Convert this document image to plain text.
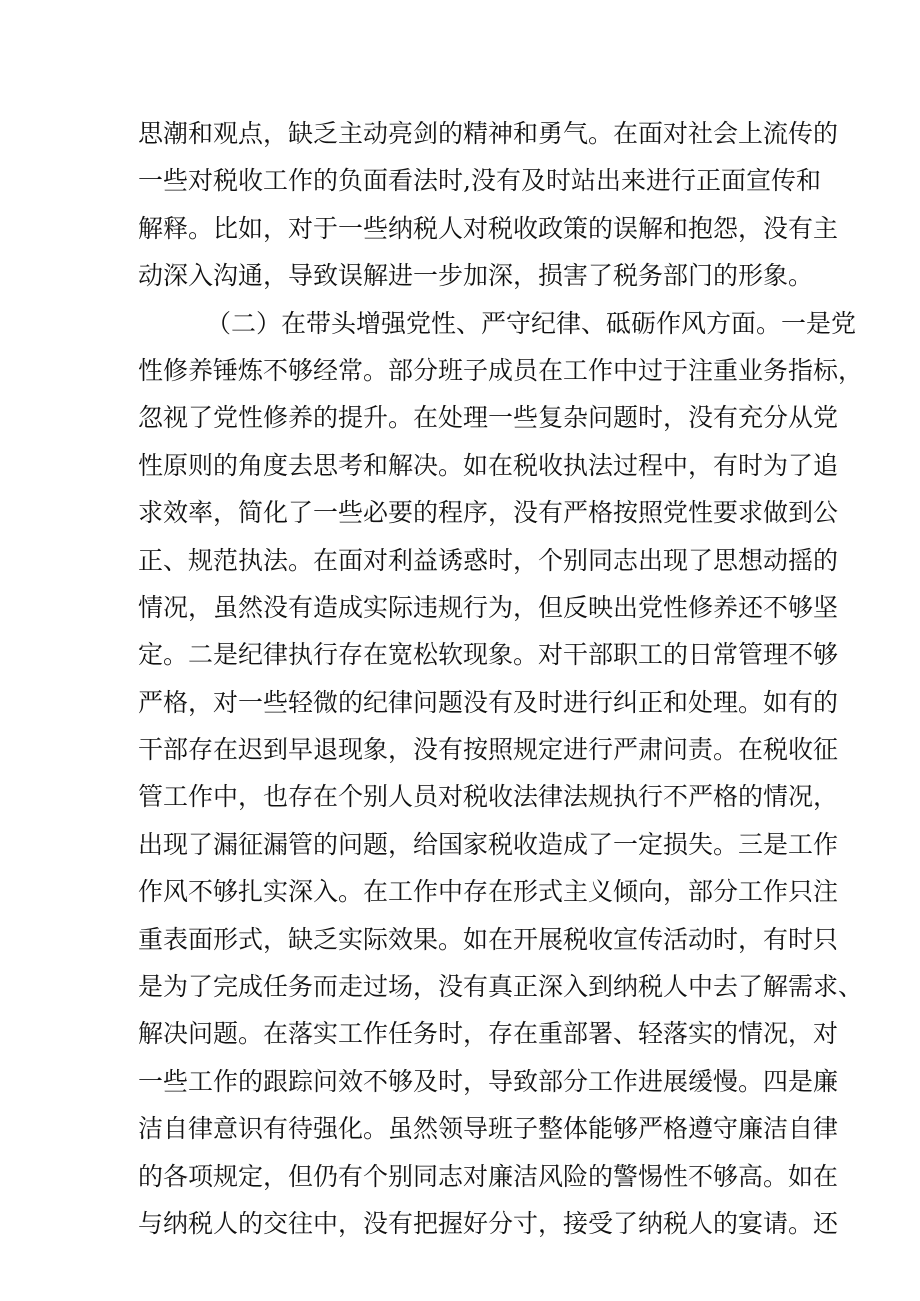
思潮和观点，缺乏主动亮剑的精神和勇气。在面对社会上流传的
一些对税收工作的负面看法时,没有及时站出来进行正面宣传和
解释。比如，对于一些纳税人对税收政策的误解和抱怨，没有主
动深入沟通，导致误解进一步加深，损害了税务部门的形象。
（二）在带头增强党性、严守纪律、砥砺作风方面。一是党
性修养锤炼不够经常。部分班子成员在工作中过于注重业务指标，
忽视了党性修养的提升。在处理一些复杂问题时，没有充分从党
性原则的角度去思考和解决。如在税收执法过程中，有时为了追
求效率，简化了一些必要的程序，没有严格按照党性要求做到公
正、规范执法。在面对利益诱惑时，个别同志出现了思想动摇的
情况，虽然没有造成实际违规行为，但反映出党性修养还不够坚
定。二是纪律执行存在宽松软现象。对干部职工的日常管理不够
严格，对一些轻微的纪律问题没有及时进行纠正和处理。如有的
干部存在迟到早退现象，没有按照规定进行严肃问责。在税收征
管工作中，也存在个别人员对税收法律法规执行不严格的情况，
出现了漏征漏管的问题，给国家税收造成了一定损失。三是工作
作风不够扎实深入。在工作中存在形式主义倾向，部分工作只注
重表面形式，缺乏实际效果。如在开展税收宣传活动时，有时只
是为了完成任务而走过场，没有真正深入到纳税人中去了解需求、
解决问题。在落实工作任务时，存在重部署、轻落实的情况，对
一些工作的跟踪问效不够及时，导致部分工作进展缓慢。四是廉
洁自律意识有待强化。虽然领导班子整体能够严格遵守廉洁自律
的各项规定，但仍有个别同志对廉洁风险的警惕性不够高。如在
与纳税人的交往中，没有把握好分寸，接受了纳税人的宴请。还
